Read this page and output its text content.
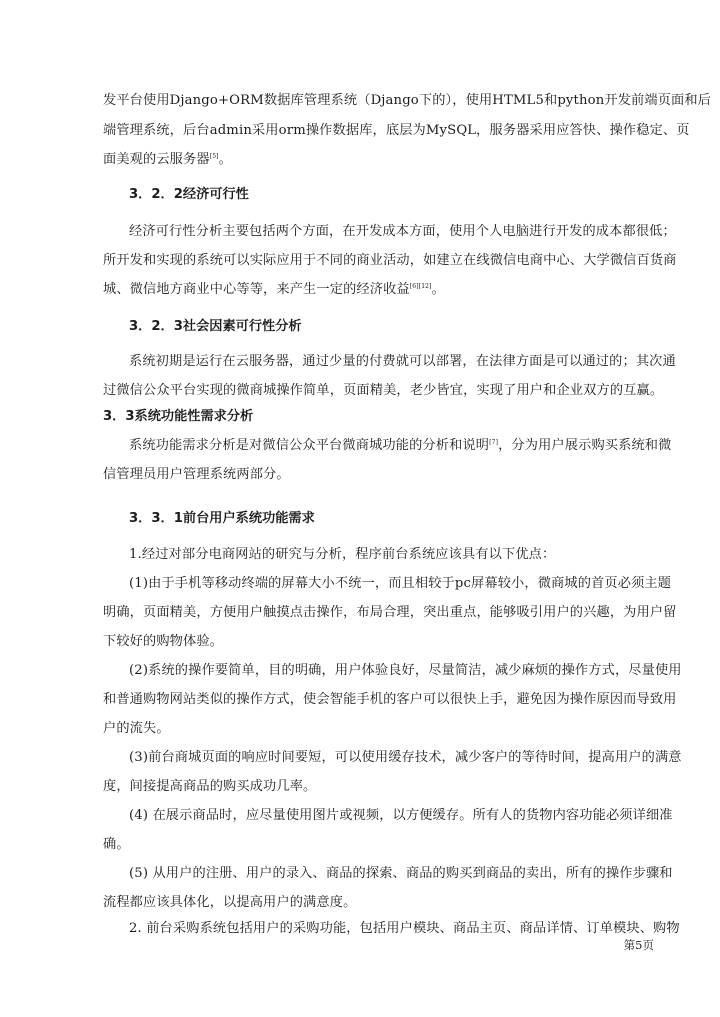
发平台使用Django+ORM数据库管理系统（Django下的），使用HTML5和python开发前端页面和后
端管理系统，后台admin采用orm操作数据库，底层为MySQL，服务器采用应答快、操作稳定、页
面美观的云服务器[5]。
3．2．2经济可行性
经济可行性分析主要包括两个方面，在开发成本方面，使用个人电脑进行开发的成本都很低；
所开发和实现的系统可以实际应用于不同的商业活动，如建立在线微信电商中心、大学微信百货商
城、微信地方商业中心等等，来产生一定的经济收益[6][12]。
3．2．3社会因素可行性分析
系统初期是运行在云服务器，通过少量的付费就可以部署，在法律方面是可以通过的；其次通
过微信公众平台实现的微商城操作简单，页面精美，老少皆宜，实现了用户和企业双方的互赢。
3．3系统功能性需求分析
系统功能需求分析是对微信公众平台微商城功能的分析和说明[7]，分为用户展示购买系统和微
信管理员用户管理系统两部分。
3．3．1前台用户系统功能需求
1.经过对部分电商网站的研究与分析，程序前台系统应该具有以下优点：
(1)由于手机等移动终端的屏幕大小不统一，而且相较于pc屏幕较小，微商城的首页必须主题
明确，页面精美，方便用户触摸点击操作，布局合理，突出重点，能够吸引用户的兴趣，为用户留
下较好的购物体验。
(2)系统的操作要简单，目的明确，用户体验良好，尽量简洁，减少麻烦的操作方式，尽量使用
和普通购物网站类似的操作方式，使会智能手机的客户可以很快上手，避免因为操作原因而导致用
户的流失。
(3)前台商城页面的响应时间要短，可以使用缓存技术，减少客户的等待时间，提高用户的满意
度，间接提高商品的购买成功几率。
(4) 在展示商品时，应尽量使用图片或视频，以方便缓存。所有人的货物内容功能必须详细准
确。
(5) 从用户的注册、用户的录入、商品的探索、商品的购买到商品的卖出，所有的操作步骤和
流程都应该具体化，以提高用户的满意度。
2. 前台采购系统包括用户的采购功能，包括用户模块、商品主页、商品详情、订单模块、购物
第5页
